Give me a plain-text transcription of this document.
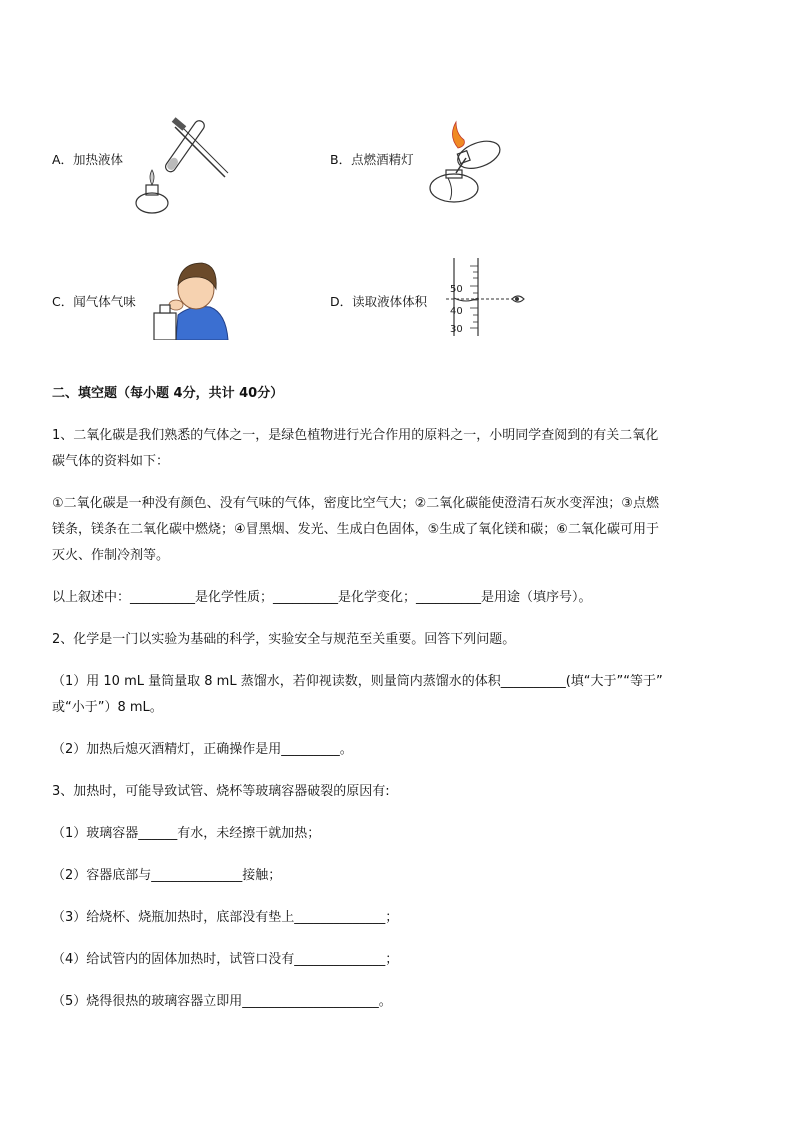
A．加热液体	B．点燃酒精灯
C．闻气体气味	D．读取液体体积
50
40
30
二、填空题（每小题 4分，共计 40分）
1、二氧化碳是我们熟悉的气体之一，是绿色植物进行光合作用的原料之一，小明同学查阅到的有关二氧化
碳气体的资料如下：
①二氧化碳是一种没有颜色、没有气味的气体，密度比空气大；②二氧化碳能使澄清石灰水变浑浊；③点燃
镁条，镁条在二氧化碳中燃烧；④冒黑烟、发光、生成白色固体，⑤生成了氧化镁和碳；⑥二氧化碳可用于
灭火、作制冷剂等。
以上叙述中：__________是化学性质；__________是化学变化；__________是用途（填序号）。
2、化学是一门以实验为基础的科学，实验安全与规范至关重要。回答下列问题。
（1）用 10 mL 量筒量取 8 mL 蒸馏水，若仰视读数，则量筒内蒸馏水的体积__________(填“大于”“等于”
或“小于”）8 mL。
（2）加热后熄灭酒精灯，正确操作是用_________。
3、加热时，可能导致试管、烧杯等玻璃容器破裂的原因有:
（1）玻璃容器______有水，未经擦干就加热；
（2）容器底部与______________接触；
（3）给烧杯、烧瓶加热时，底部没有垫上______________；
（4）给试管内的固体加热时，试管口没有______________；
（5）烧得很热的玻璃容器立即用_____________________。
